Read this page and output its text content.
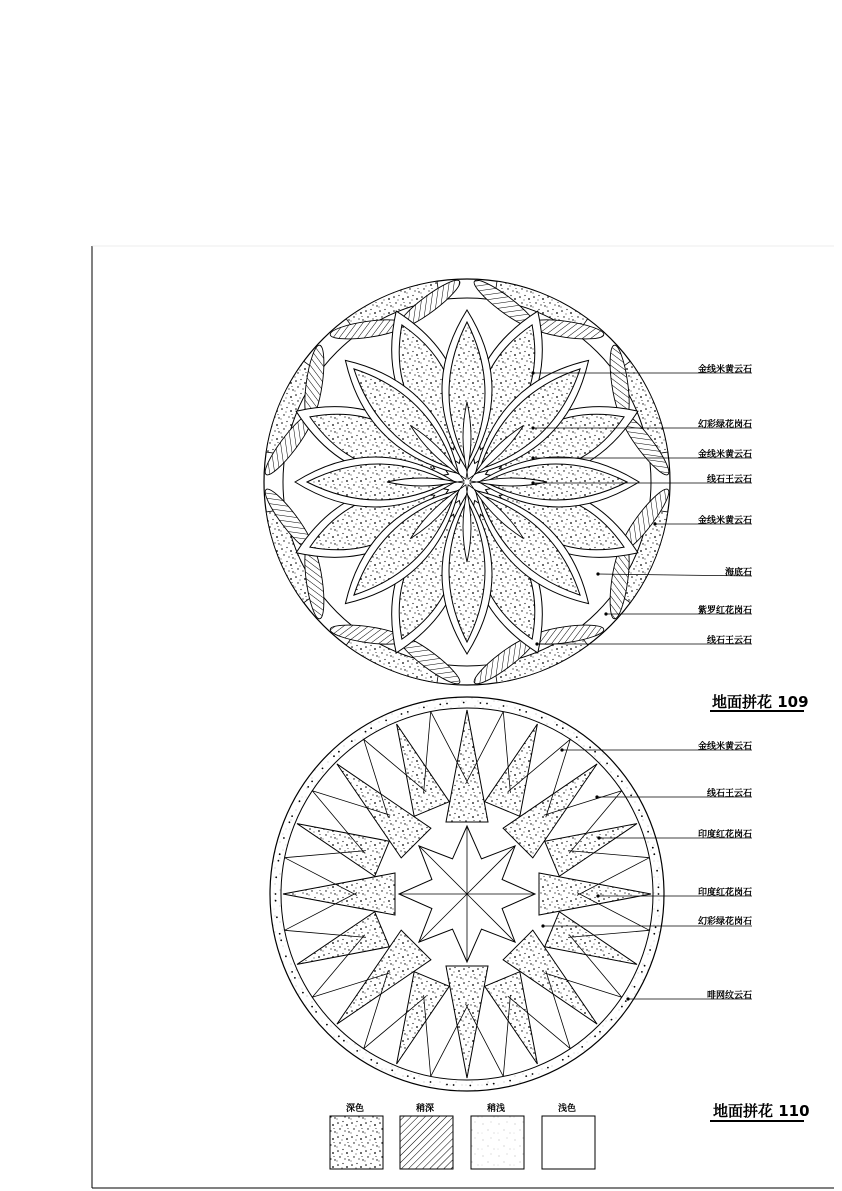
金线米黄云石
幻彩绿花岗石
金线米黄云石
线石王云石
金线米黄云石
海底石
紫罗红花岗石
线石王云石
地面拼花 109
金线米黄云石
线石王云石
印度红花岗石
印度红花岗石
幻彩绿花岗石
啡网纹云石
地面拼花 110
深色	稍深	稍浅	浅色
